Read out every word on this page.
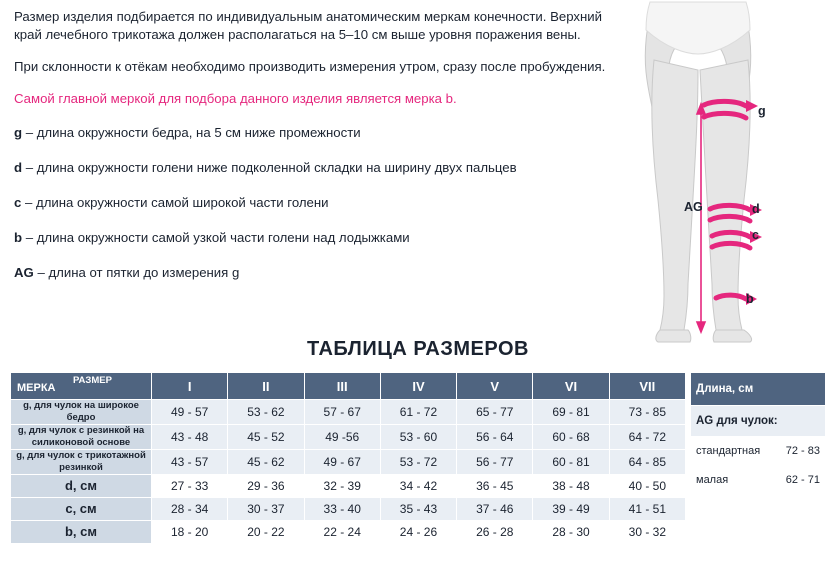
Размер изделия подбирается по индивидуальным анатомическим меркам конечности. Верхний край лечебного трикотажа должен располагаться на 5–10 см выше уровня поражения вены.

При склонности к отёкам необходимо производить измерения утром, сразу после пробуждения.

Самой главной меркой для подбора данного изделия является мерка b.

g – длина окружности бедра, на 5 см ниже промежности

d – длина окружности голени ниже подколенной складки на ширину двух пальцев

c – длина окружности самой широкой части голени

b – длина окружности самой узкой части голени над лодыжками

AG – длина от пятки до измерения g

g
d
c
b
AG
ТАБЛИЦА РАЗМЕРОВ
МЕРКА
РАЗМЕР	I	II	III	IV	V	VI	VII
g, для чулок на широкое бедро	49 - 57	53 - 62	57 - 67	61 - 72	65 - 77	69 - 81	73 - 85
g, для чулок с резинкой на силиконовой основе	43 - 48	45 - 52	49 -56	53 - 60	56 - 64	60 - 68	64 - 72
g, для чулок с трикотажной резинкой	43 - 57	45 - 62	49 - 67	53 - 72	56 - 77	60 - 81	64 - 85
d, см	27 - 33	29 - 36	32 - 39	34 - 42	36 - 45	38 - 48	40 - 50
c, см	28 - 34	30 - 37	33 - 40	35 - 43	37 - 46	39 - 49	41 - 51
b, см	18 - 20	20 - 22	22 - 24	24 - 26	26 - 28	28 - 30	30 - 32
Длина, см	
AG для чулок:	
стандартная	72 - 83
малая	62 - 71
